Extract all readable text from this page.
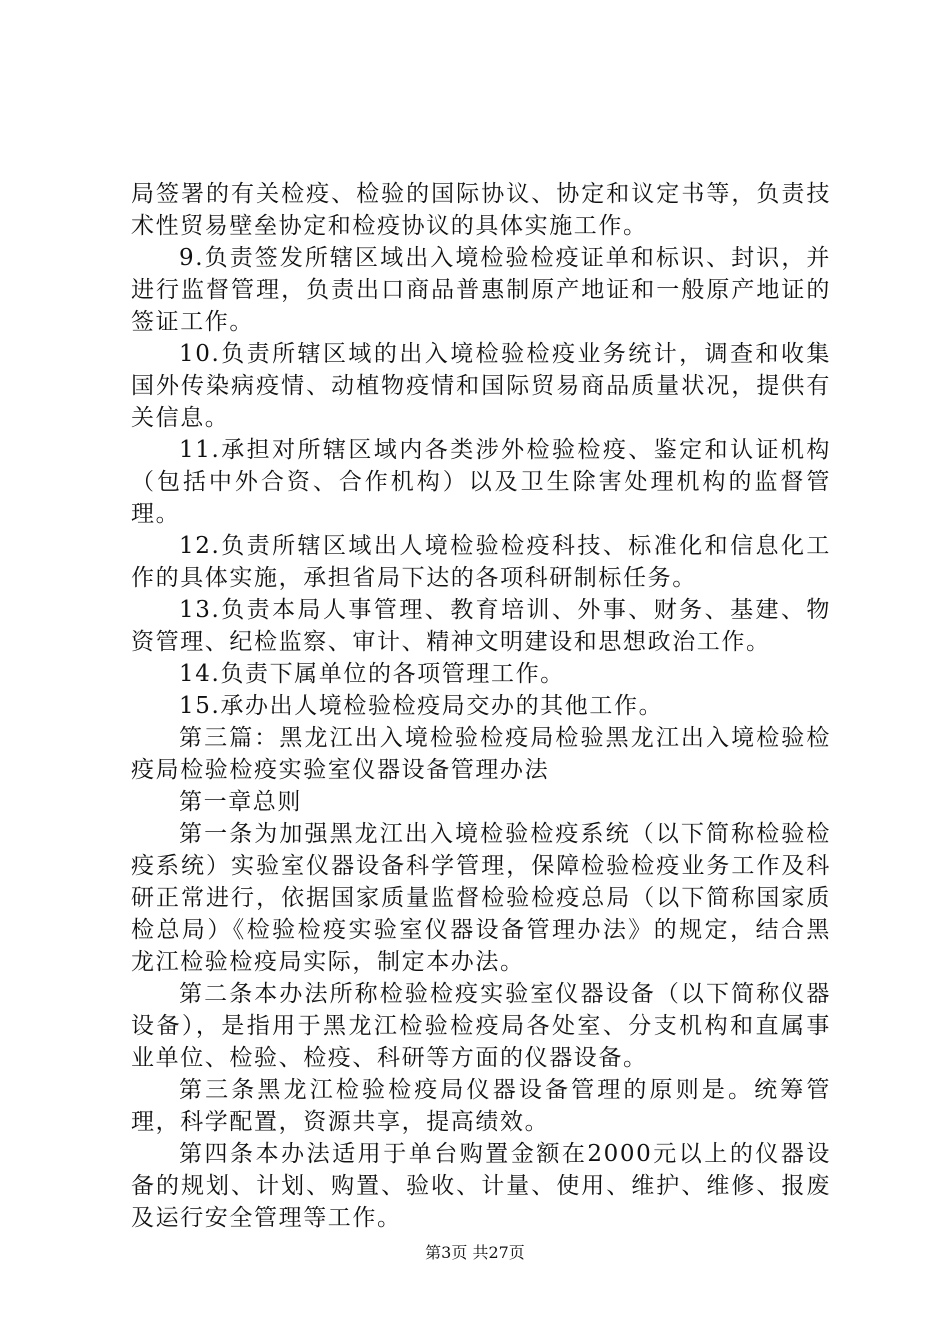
局签署的有关检疫、检验的国际协议、协定和议定书等，负责技术性贸易壁垒协定和检疫协议的具体实施工作。

9.负责签发所辖区域出入境检验检疫证单和标识、封识，并进行监督管理，负责出口商品普惠制原产地证和一般原产地证的签证工作。

10.负责所辖区域的出入境检验检疫业务统计，调查和收集国外传染病疫情、动植物疫情和国际贸易商品质量状况，提供有关信息。

11.承担对所辖区域内各类涉外检验检疫、鉴定和认证机构（包括中外合资、合作机构）以及卫生除害处理机构的监督管理。

12.负责所辖区域出人境检验检疫科技、标准化和信息化工作的具体实施，承担省局下达的各项科研制标任务。

13.负责本局人事管理、教育培训、外事、财务、基建、物资管理、纪检监察、审计、精神文明建设和思想政治工作。

14.负责下属单位的各项管理工作。

15.承办出人境检验检疫局交办的其他工作。

第三篇：黑龙江出入境检验检疫局检验黑龙江出入境检验检疫局检验检疫实验室仪器设备管理办法

第一章总则

第一条为加强黑龙江出入境检验检疫系统（以下简称检验检疫系统）实验室仪器设备科学管理，保障检验检疫业务工作及科研正常进行，依据国家质量监督检验检疫总局（以下简称国家质检总局）《检验检疫实验室仪器设备管理办法》的规定，结合黑龙江检验检疫局实际，制定本办法。

第二条本办法所称检验检疫实验室仪器设备（以下简称仪器设备），是指用于黑龙江检验检疫局各处室、分支机构和直属事业单位、检验、检疫、科研等方面的仪器设备。

第三条黑龙江检验检疫局仪器设备管理的原则是。统筹管理，科学配置，资源共享，提高绩效。

第四条本办法适用于单台购置金额在2000元以上的仪器设备的规划、计划、购置、验收、计量、使用、维护、维修、报废及运行安全管理等工作。

第3页 共27页
